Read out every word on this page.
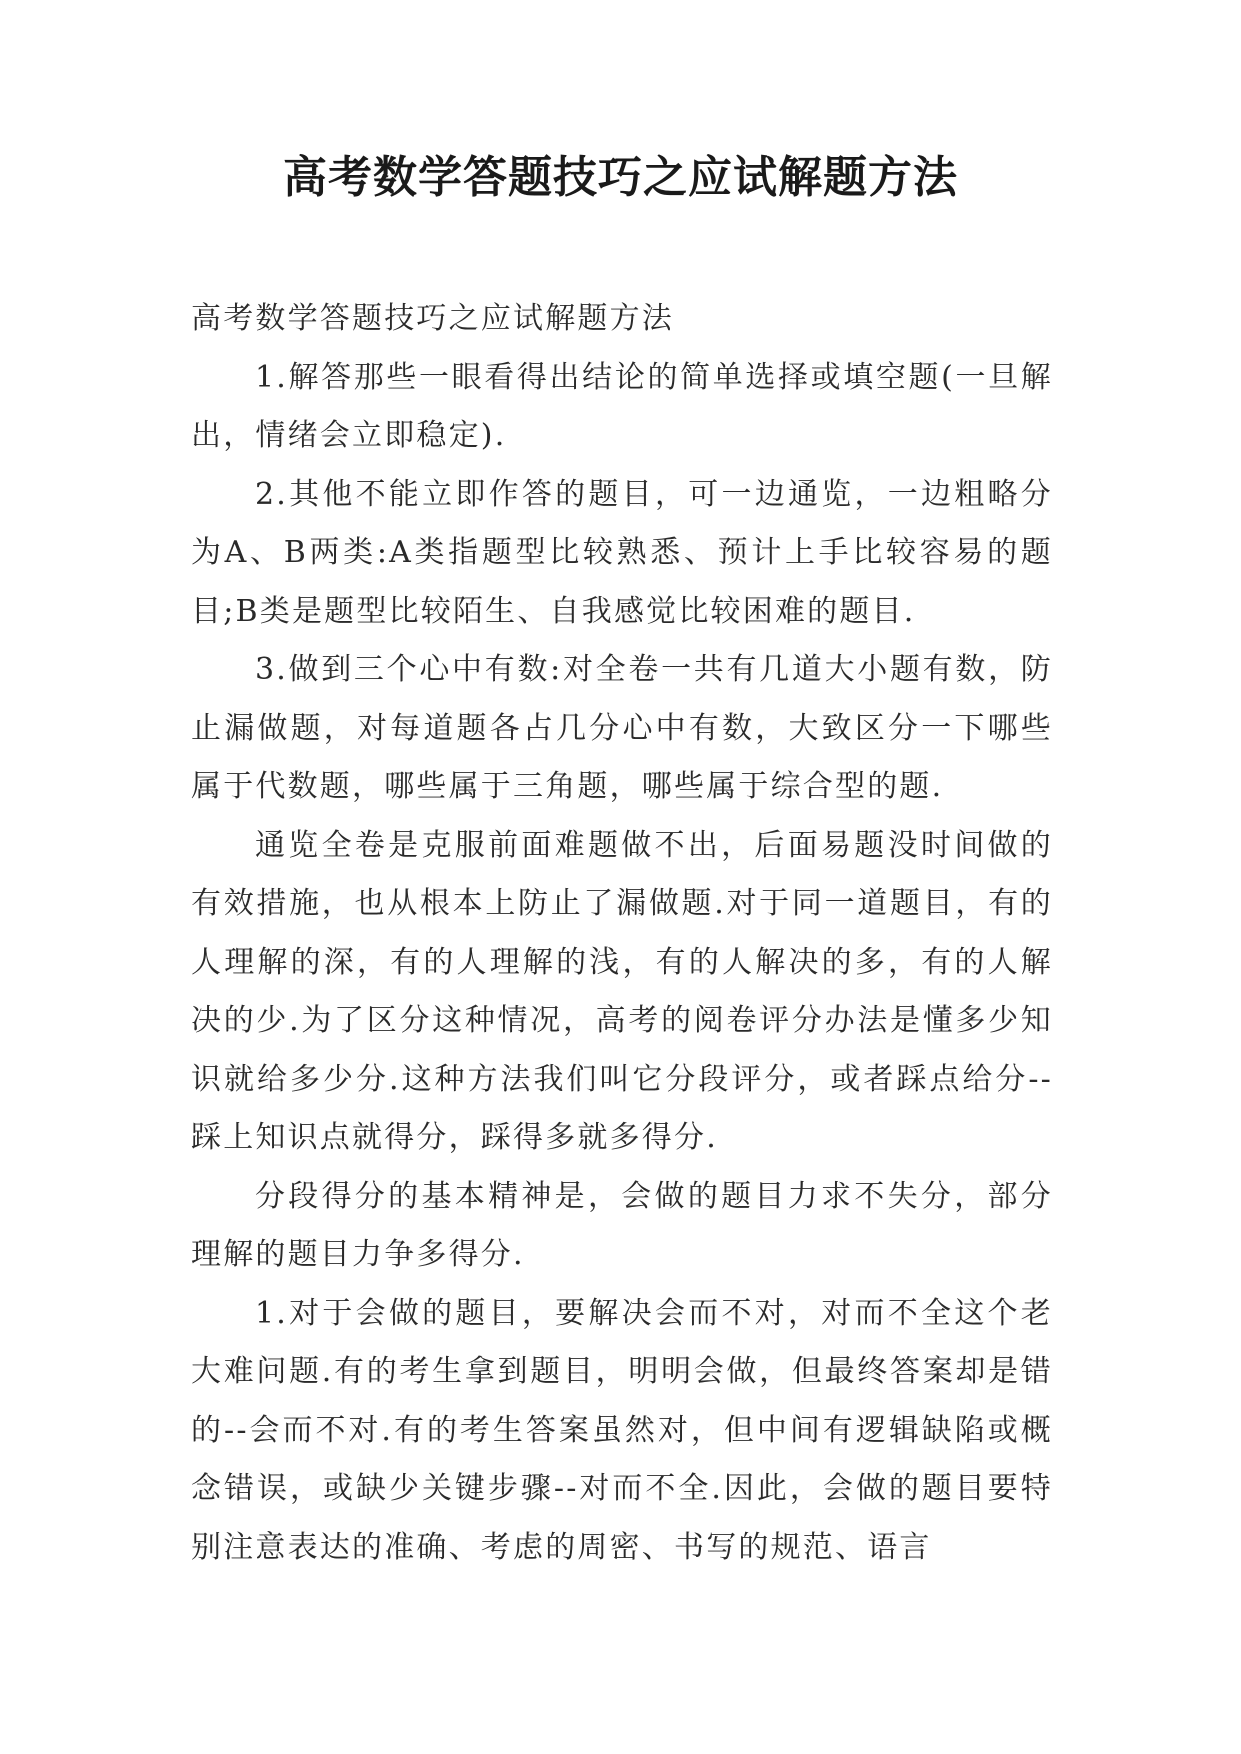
高考数学答题技巧之应试解题方法

高考数学答题技巧之应试解题方法

1.解答那些一眼看得出结论的简单选择或填空题(一旦解出，情绪会立即稳定).

2.其他不能立即作答的题目，可一边通览，一边粗略分为A、B两类:A类指题型比较熟悉、预计上手比较容易的题目;B类是题型比较陌生、自我感觉比较困难的题目.

3.做到三个心中有数:对全卷一共有几道大小题有数，防止漏做题，对每道题各占几分心中有数，大致区分一下哪些属于代数题，哪些属于三角题，哪些属于综合型的题.

通览全卷是克服前面难题做不出，后面易题没时间做的有效措施，也从根本上防止了漏做题.对于同一道题目，有的人理解的深，有的人理解的浅，有的人解决的多，有的人解决的少.为了区分这种情况，高考的阅卷评分办法是懂多少知识就给多少分.这种方法我们叫它分段评分，或者踩点给分--踩上知识点就得分，踩得多就多得分.

分段得分的基本精神是，会做的题目力求不失分，部分理解的题目力争多得分.

1.对于会做的题目，要解决会而不对，对而不全这个老大难问题.有的考生拿到题目，明明会做，但最终答案却是错的--会而不对.有的考生答案虽然对，但中间有逻辑缺陷或概念错误，或缺少关键步骤--对而不全.因此，会做的题目要特别注意表达的准确、考虑的周密、书写的规范、语言
